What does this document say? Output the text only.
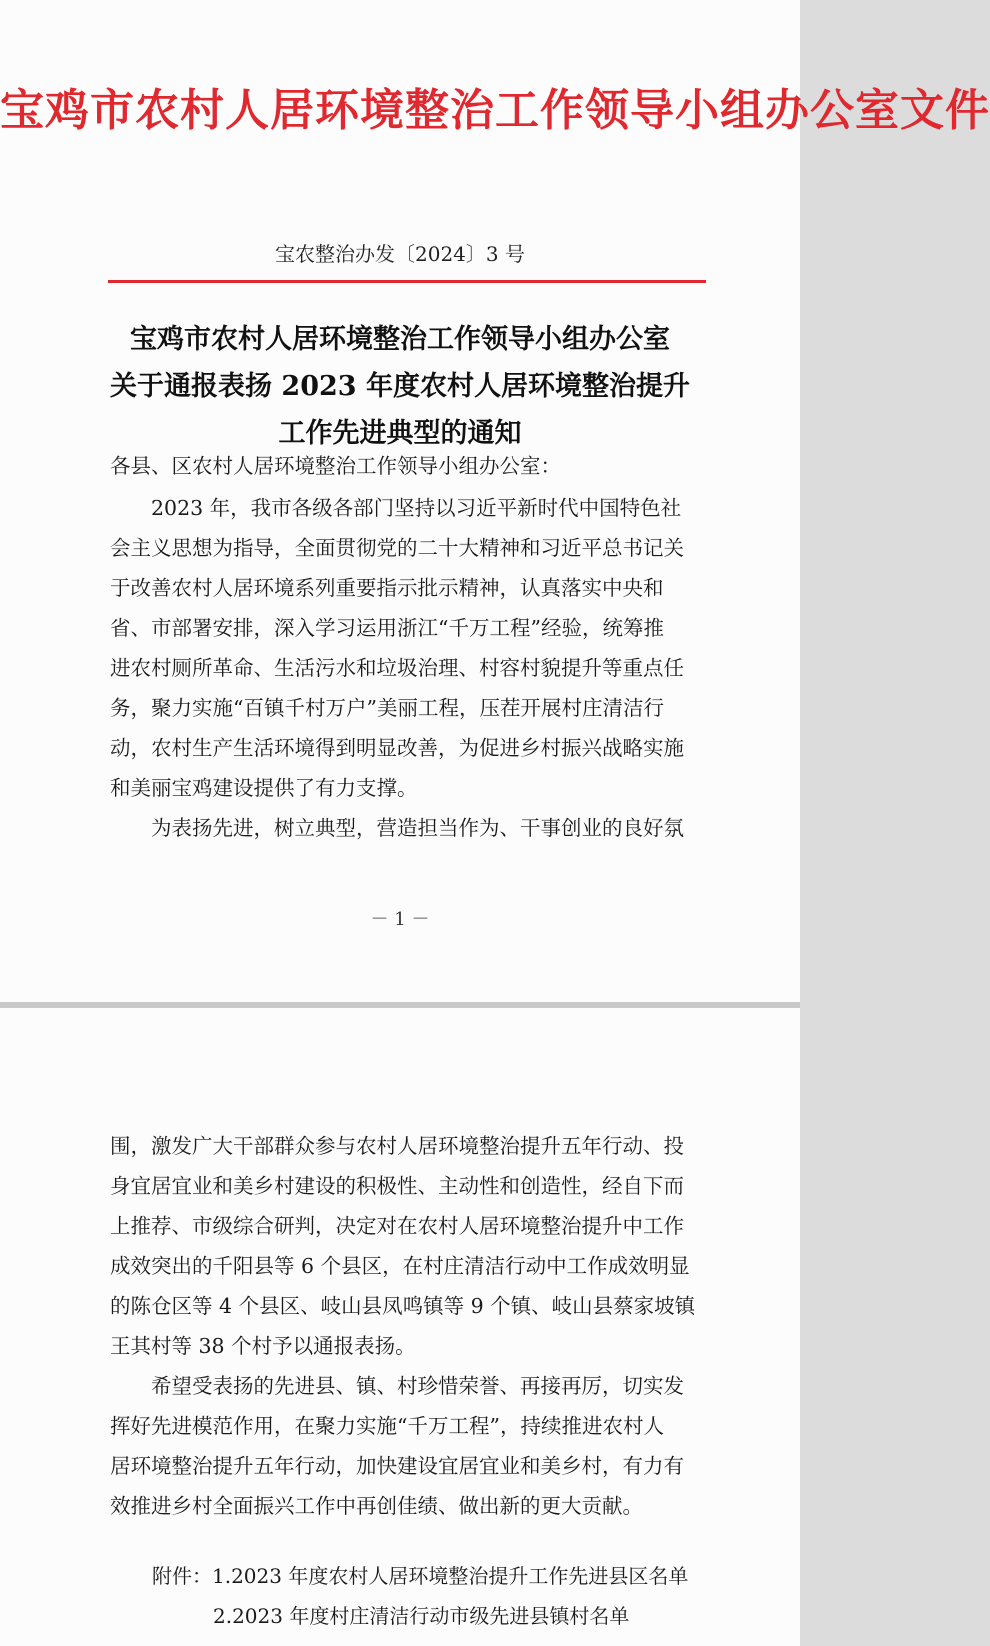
宝鸡市农村人居环境整治工作领导小组办公室文件
宝农整治办发〔2024〕3 号
宝鸡市农村人居环境整治工作领导小组办公室
关于通报表扬 2023 年度农村人居环境整治提升
工作先进典型的通知
各县、区农村人居环境整治工作领导小组办公室：
2023 年，我市各级各部门坚持以习近平新时代中国特色社
会主义思想为指导，全面贯彻党的二十大精神和习近平总书记关
于改善农村人居环境系列重要指示批示精神，认真落实中央和
省、市部署安排，深入学习运用浙江“千万工程”经验，统筹推
进农村厕所革命、生活污水和垃圾治理、村容村貌提升等重点任
务，聚力实施“百镇千村万户”美丽工程，压茬开展村庄清洁行
动，农村生产生活环境得到明显改善，为促进乡村振兴战略实施
和美丽宝鸡建设提供了有力支撑。
为表扬先进，树立典型，营造担当作为、干事创业的良好氛
－ 1 －
围，激发广大干部群众参与农村人居环境整治提升五年行动、投
身宜居宜业和美乡村建设的积极性、主动性和创造性，经自下而
上推荐、市级综合研判，决定对在农村人居环境整治提升中工作
成效突出的千阳县等 6 个县区，在村庄清洁行动中工作成效明显
的陈仓区等 4 个县区、岐山县凤鸣镇等 9 个镇、岐山县蔡家坡镇
王其村等 38 个村予以通报表扬。
希望受表扬的先进县、镇、村珍惜荣誉、再接再厉，切实发
挥好先进模范作用，在聚力实施“千万工程”，持续推进农村人
居环境整治提升五年行动，加快建设宜居宜业和美乡村，有力有
效推进乡村全面振兴工作中再创佳绩、做出新的更大贡献。
附件：1.2023 年度农村人居环境整治提升工作先进县区名单
2.2023 年度村庄清洁行动市级先进县镇村名单
